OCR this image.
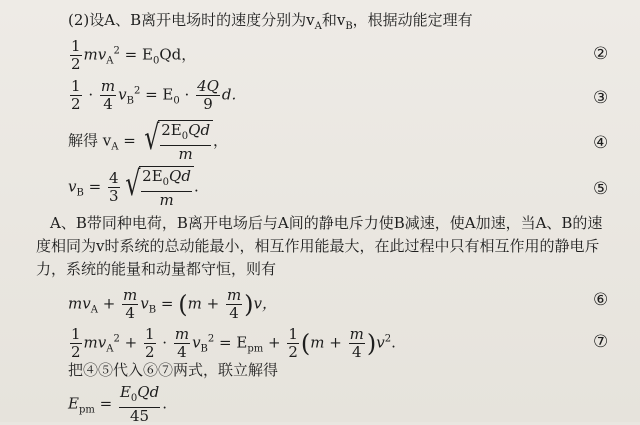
(2)设A、B离开电场时的速度分别为$v_A$和$v_B$，根据动能定理有
$\frac{1}{2} mv_A^2 = E_0Qd$，	②
$\frac{1}{2} \cdot \frac{m}{4} v_B^2 = E_0 \cdot \frac{4Q}{9} d$.	③
解得 $v_A$ = √ $\frac{2E_0Qd}{m}$ ，	④
$v_B = \frac{4}{3}$ √ $\frac{2E_0Qd}{m}$ .	⑤
A、B带同种电荷，B离开电场后与A间的静电斥力使B减速，使A加速，当A、B的速
度相同为v时系统的总动能最小，相互作用能最大，在此过程中只有相互作用的静电斥
力，系统的能量和动量都守恒，则有
$mv_A + \frac{m}{4} v_B = (m + \frac{m}{4} )v$，	⑥
$\frac{1}{2} mv_A^2 + \frac{1}{2} \cdot \frac{m}{4} v_B^2 = E_{pm} + \frac{1}{2} (m + \frac{m}{4} )v^2$.	⑦
把④⑤代入⑥⑦两式，联立解得
$E_{pm} = \frac{E_0Qd}{45}$ .
